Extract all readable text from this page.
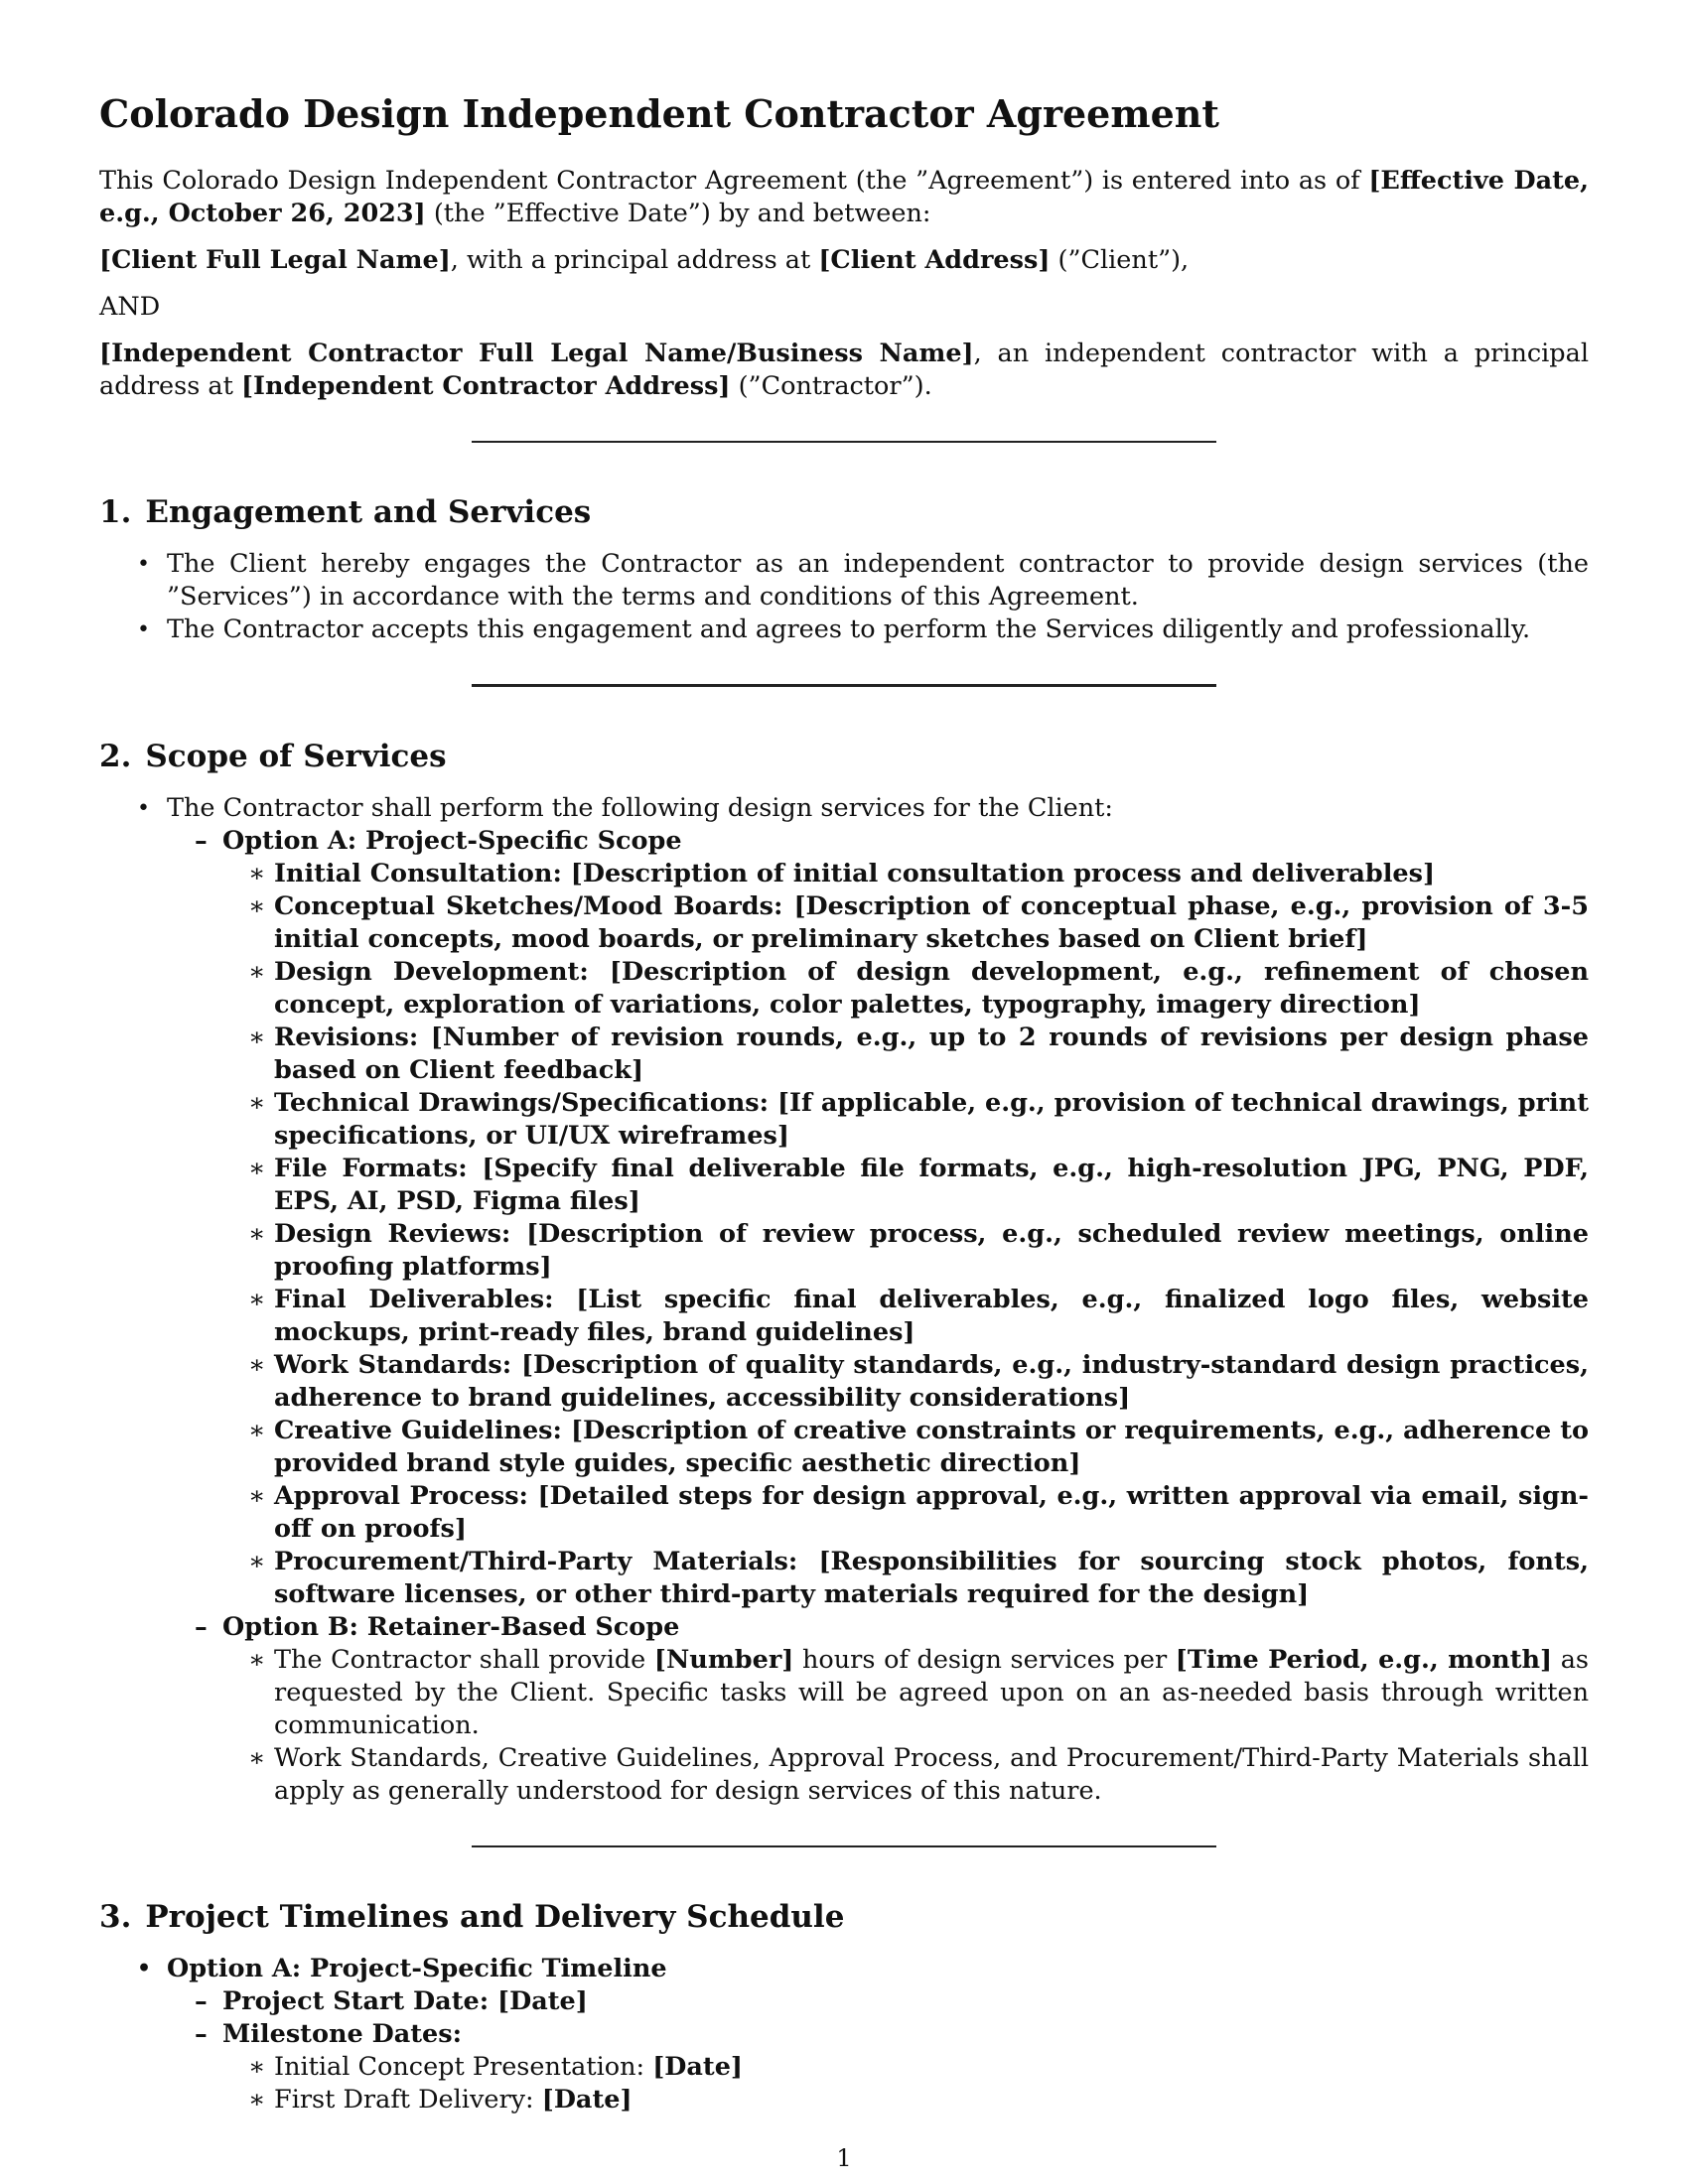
Colorado Design Independent Contractor Agreement

This Colorado Design Independent Contractor Agreement (the ”Agreement”) is entered into as of [Effective Date, e.g., October 26, 2023] (the ”Effective Date”) by and between:

[Client Full Legal Name], with a principal address at [Client Address] (”Client”),

AND

[Independent Contractor Full Legal Name/Business Name], an independent contractor with a principal address at [Independent Contractor Address] (”Contractor”).

1. Engagement and Services
• The Client hereby engages the Contractor as an independent contractor to provide design services (the ”Services”) in accordance with the terms and conditions of this Agreement.
• The Contractor accepts this engagement and agrees to perform the Services diligently and professionally.
2. Scope of Services
• The Contractor shall perform the following design services for the Client:
– Option A: Project-Specific Scope
∗ Initial Consultation: [Description of initial consultation process and deliverables]
∗ Conceptual Sketches/Mood Boards: [Description of conceptual phase, e.g., provision of 3-5 initial concepts, mood boards, or preliminary sketches based on Client brief]
∗ Design Development: [Description of design development, e.g., refinement of chosen concept, exploration of variations, color palettes, typography, imagery direction]
∗ Revisions: [Number of revision rounds, e.g., up to 2 rounds of revisions per design phase based on Client feedback]
∗ Technical Drawings/Specifications: [If applicable, e.g., provision of technical drawings, print specifications, or UI/UX wireframes]
∗ File Formats: [Specify final deliverable file formats, e.g., high-resolution JPG, PNG, PDF, EPS, AI, PSD, Figma files]
∗ Design Reviews: [Description of review process, e.g., scheduled review meetings, online proofing platforms]
∗ Final Deliverables: [List specific final deliverables, e.g., finalized logo files, website mockups, print-ready files, brand guidelines]
∗ Work Standards: [Description of quality standards, e.g., industry-standard design practices, adherence to brand guidelines, accessibility considerations]
∗ Creative Guidelines: [Description of creative constraints or requirements, e.g., adherence to provided brand style guides, specific aesthetic direction]
∗ Approval Process: [Detailed steps for design approval, e.g., written approval via email, sign-off on proofs]
∗ Procurement/Third-Party Materials: [Responsibilities for sourcing stock photos, fonts, software licenses, or other third-party materials required for the design]
– Option B: Retainer-Based Scope
∗ The Contractor shall provide [Number] hours of design services per [Time Period, e.g., month] as requested by the Client. Specific tasks will be agreed upon on an as-needed basis through written communication.
∗ Work Standards, Creative Guidelines, Approval Process, and Procurement/Third-Party Materials shall apply as generally understood for design services of this nature.
3. Project Timelines and Delivery Schedule
• Option A: Project-Specific Timeline
– Project Start Date: [Date]
– Milestone Dates:
∗ Initial Concept Presentation: [Date]
∗ First Draft Delivery: [Date]
1
